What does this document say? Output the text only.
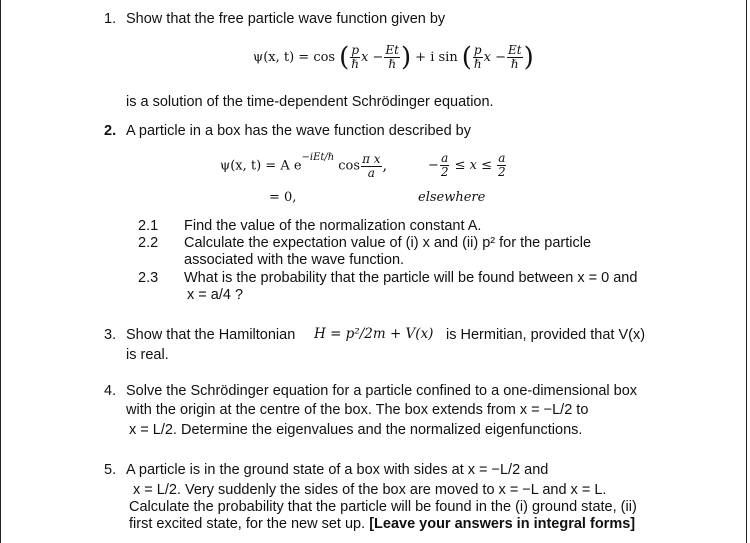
1. Show that the free particle wave function given by
ψ(x, t) = cos ( $\frac{p}{\text{ℏ}}$ $x - \frac{Et}{\text{ℏ}}$ ) + i sin ( $\frac{p}{\text{ℏ}}$ $x - \frac{Et}{\text{ℏ}}$ )
is a solution of the time-dependent Schrödinger equation.
2. A particle in a box has the wave function described by
ψ(x, t) = A $e^{-iEt/\hbar}$ $\cos \frac{\text{π x}}{a}$ ,	− $\frac{a}{2} \le x \le \frac{a}{2}$
= 0,	elsewhere
2.1 Find the value of the normalization constant A.
2.2 Calculate the expectation value of (i) x and (ii) p² for the particle
associated with the wave function.
2.3 What is the probability that the particle will be found between x = 0 and
x = a/4 ?
3. Show that the Hamiltonian H = p²/2m + V(x) is Hermitian, provided that V(x)
is real.
4. Solve the Schrödinger equation for a particle confined to a one-dimensional box
with the origin at the centre of the box. The box extends from x = −L/2 to
x = L/2. Determine the eigenvalues and the normalized eigenfunctions.
5. A particle is in the ground state of a box with sides at x = −L/2 and
x = L/2. Very suddenly the sides of the box are moved to x = −L and x = L.
Calculate the probability that the particle will be found in the (i) ground state, (ii)
first excited state, for the new set up. [Leave your answers in integral forms]
